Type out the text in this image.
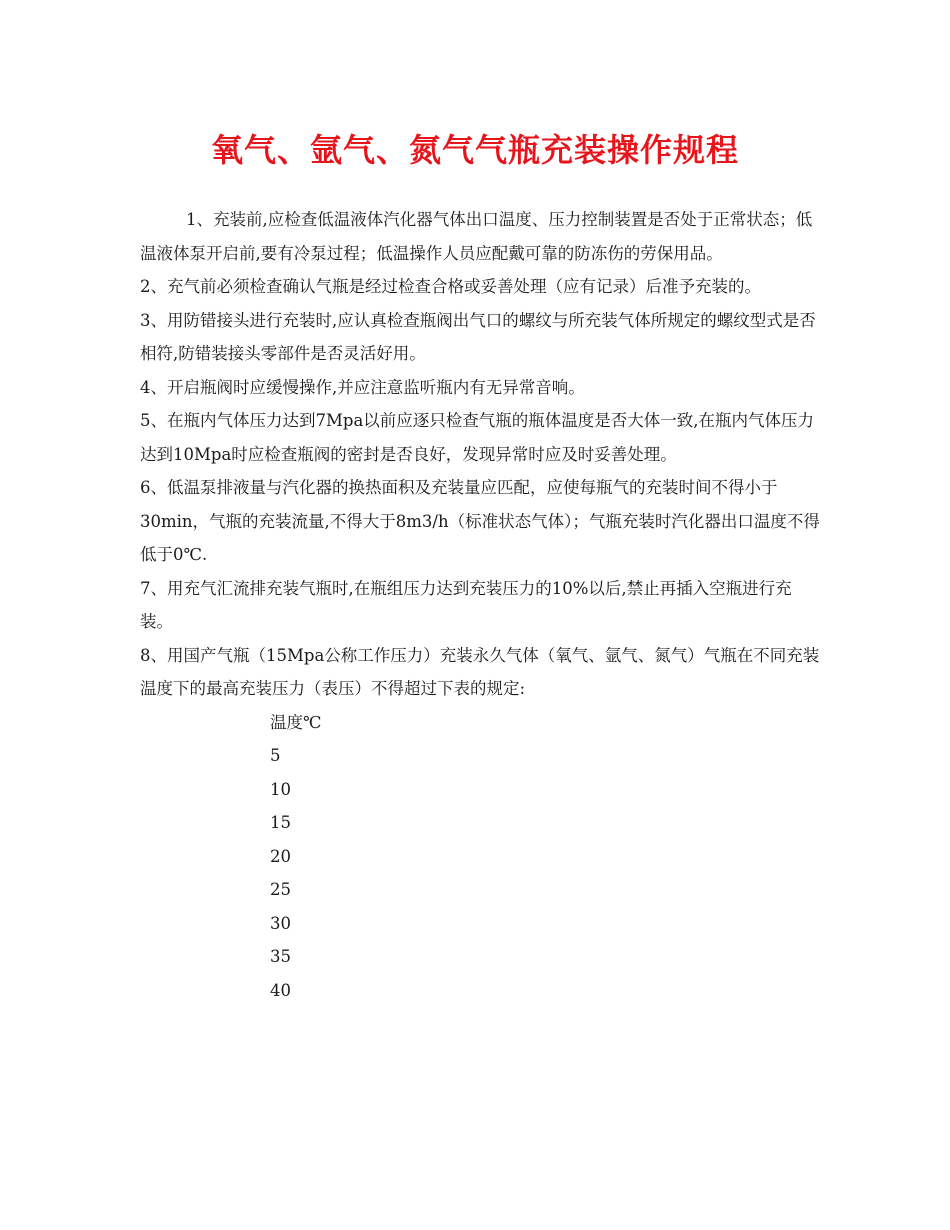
氧气、氩气、氮气气瓶充装操作规程

1、充装前,应检查低温液体汽化器气体出口温度、压力控制装置是否处于正常状态；低温液体泵开启前,要有冷泵过程；低温操作人员应配戴可靠的防冻伤的劳保用品。

2、充气前必须检查确认气瓶是经过检查合格或妥善处理（应有记录）后准予充装的。

3、用防错接头进行充装时,应认真检查瓶阀出气口的螺纹与所充装气体所规定的螺纹型式是否相符,防错装接头零部件是否灵活好用。

4、开启瓶阀时应缓慢操作,并应注意监听瓶内有无异常音响。

5、在瓶内气体压力达到7Mpa以前应逐只检查气瓶的瓶体温度是否大体一致,在瓶内气体压力达到10Mpa时应检查瓶阀的密封是否良好，发现异常时应及时妥善处理。

6、低温泵排液量与汽化器的换热面积及充装量应匹配，应使每瓶气的充装时间不得小于30min，气瓶的充装流量,不得大于8m3/h（标准状态气体）；气瓶充装时汽化器出口温度不得低于0℃.

7、用充气汇流排充装气瓶时,在瓶组压力达到充装压力的10%以后,禁止再插入空瓶进行充装。

8、用国产气瓶（15Mpa公称工作压力）充装永久气体（氧气、氩气、氮气）气瓶在不同充装温度下的最高充装压力（表压）不得超过下表的规定:

温度℃
5
10
15
20
25
30
35
40
